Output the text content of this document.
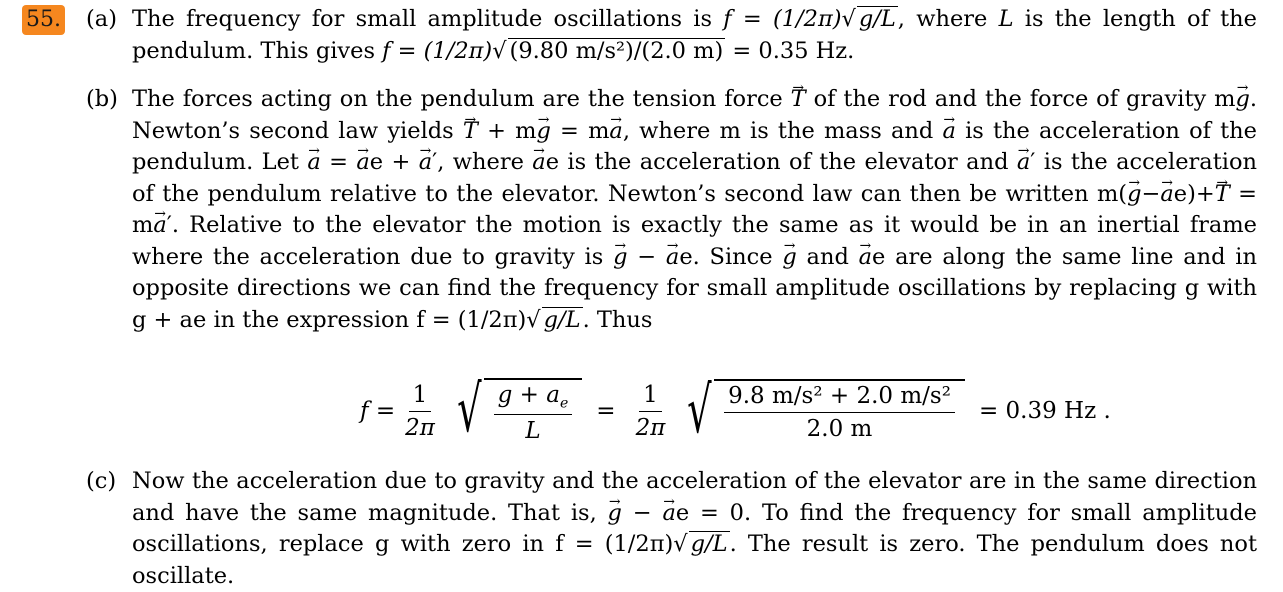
55. (a) The frequency for small amplitude oscillations is f = (1/2π)√ g/L, where L is the length of the pendulum. This gives f = (1/2π)√ (9.80 m/s²)/(2.0 m) = 0.35 Hz.
(b) The forces acting on the pendulum are the tension force → T of the rod and the force of gravity m→ g. Newton’s second law yields → T + m→ g = m→ a, where m is the mass and → a is the acceleration of the pendulum. Let → a = → ae + → a′, where → ae is the acceleration of the elevator and → a′ is the acceleration of the pendulum relative to the elevator. Newton’s second law can then be written m(→ g−→ ae)+→ T = m→ a′. Relative to the elevator the motion is exactly the same as it would be in an inertial frame where the acceleration due to gravity is → g − → ae. Since → g and → ae are along the same line and in opposite directions we can find the frequency for small amplitude oscillations by replacing g with g + ae in the expression f = (1/2π)√ g/L. Thus
$f = \frac{1}{2\pi}$ √ $\frac{g + a_e}{L} = \frac{1}{2\pi}$ √ $\frac{\text{9.8 m/s² + 2.0 m/s²}}{2.0 m} = 0.39$ Hz .
(c) Now the acceleration due to gravity and the acceleration of the elevator are in the same direction and have the same magnitude. That is, → g − → ae = 0. To find the frequency for small amplitude oscillations, replace g with zero in f = (1/2π)√ g/L. The result is zero. The pendulum does not oscillate.
